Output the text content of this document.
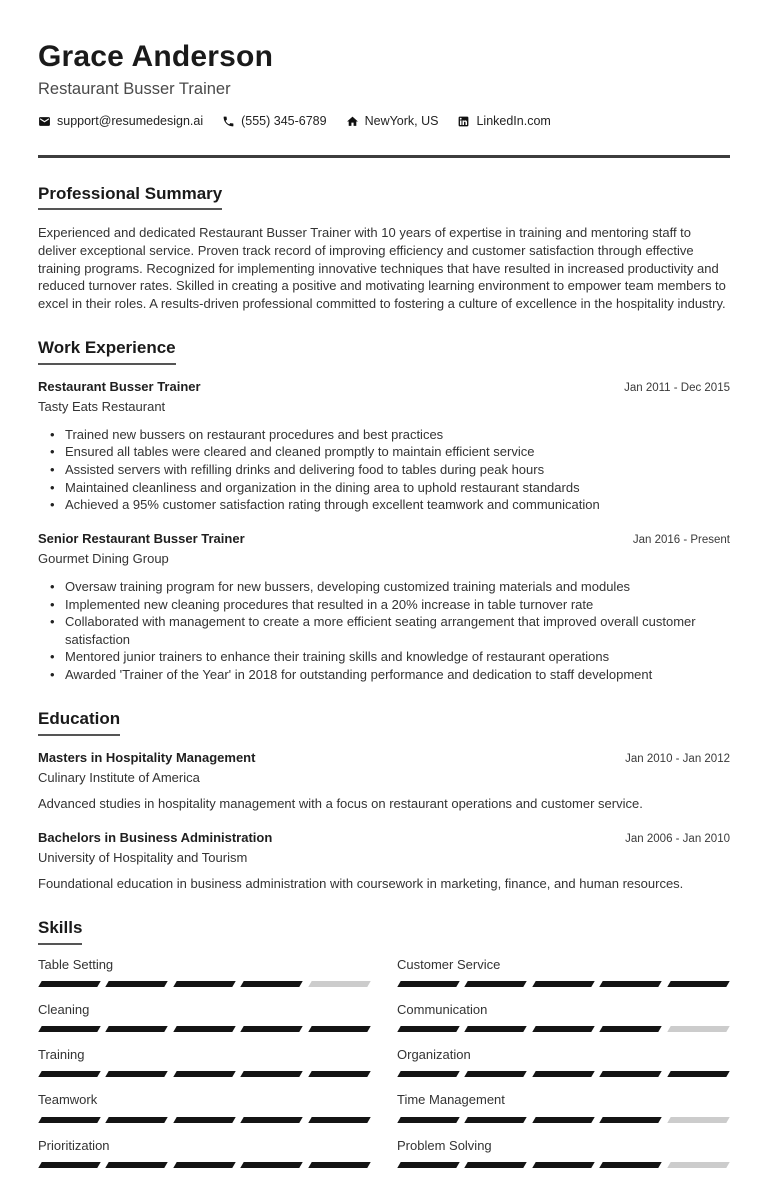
Grace Anderson
Restaurant Busser Trainer
support@resumedesign.ai	(555) 345-6789	NewYork, US	LinkedIn.com
Professional Summary

Experienced and dedicated Restaurant Busser Trainer with 10 years of expertise in training and mentoring staff to deliver exceptional service. Proven track record of improving efficiency and customer satisfaction through effective training programs. Recognized for implementing innovative techniques that have resulted in increased productivity and reduced turnover rates. Skilled in creating a positive and motivating learning environment to empower team members to excel in their roles. A results-driven professional committed to fostering a culture of excellence in the hospitality industry.

Work Experience
Restaurant Busser Trainer	Jan 2011 - Dec 2015
Tasty Eats Restaurant
• Trained new bussers on restaurant procedures and best practices
• Ensured all tables were cleared and cleaned promptly to maintain efficient service
• Assisted servers with refilling drinks and delivering food to tables during peak hours
• Maintained cleanliness and organization in the dining area to uphold restaurant standards
• Achieved a 95% customer satisfaction rating through excellent teamwork and communication
Senior Restaurant Busser Trainer	Jan 2016 - Present
Gourmet Dining Group
• Oversaw training program for new bussers, developing customized training materials and modules
• Implemented new cleaning procedures that resulted in a 20% increase in table turnover rate
• Collaborated with management to create a more efficient seating arrangement that improved overall customer satisfaction
• Mentored junior trainers to enhance their training skills and knowledge of restaurant operations
• Awarded 'Trainer of the Year' in 2018 for outstanding performance and dedication to staff development
Education
Masters in Hospitality Management	Jan 2010 - Jan 2012
Culinary Institute of America

Advanced studies in hospitality management with a focus on restaurant operations and customer service.

Bachelors in Business Administration	Jan 2006 - Jan 2010
University of Hospitality and Tourism

Foundational education in business administration with coursework in marketing, finance, and human resources.

Skills
Table Setting
Cleaning
Training
Teamwork
Prioritization
Customer Service
Communication
Organization
Time Management
Problem Solving
